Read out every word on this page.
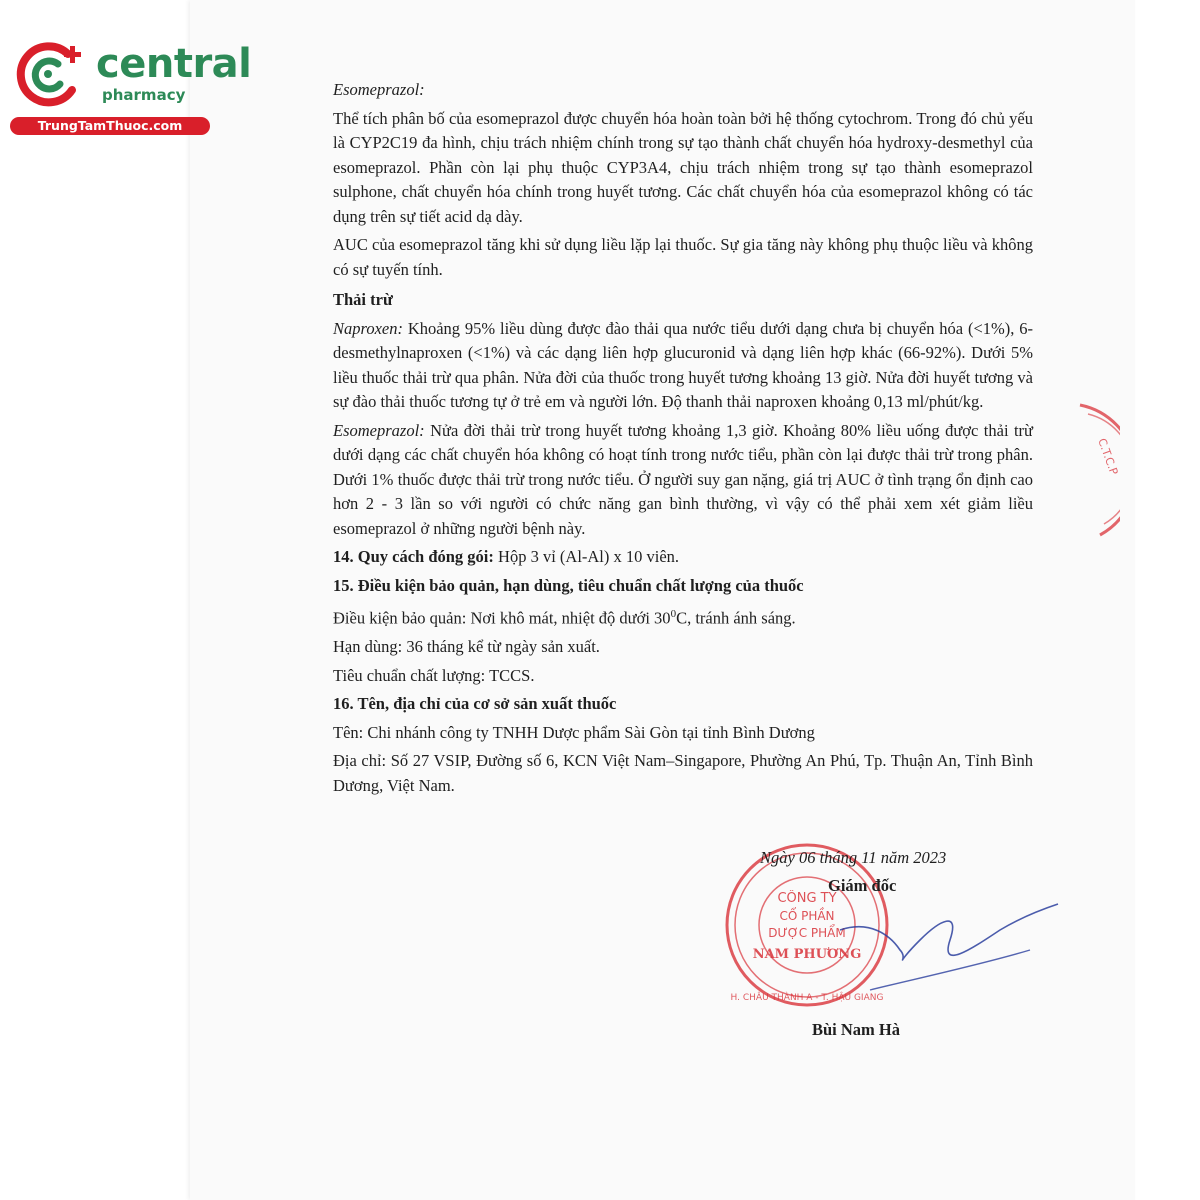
central
pharmacy
TrungTamThuoc.com

Esomeprazol:

Thể tích phân bố của esomeprazol được chuyển hóa hoàn toàn bởi hệ thống cytochrom. Trong đó chủ yếu là CYP2C19 đa hình, chịu trách nhiệm chính trong sự tạo thành chất chuyển hóa hydroxy-desmethyl của esomeprazol. Phần còn lại phụ thuộc CYP3A4, chịu trách nhiệm trong sự tạo thành esomeprazol sulphone, chất chuyển hóa chính trong huyết tương. Các chất chuyển hóa của esomeprazol không có tác dụng trên sự tiết acid dạ dày.

AUC của esomeprazol tăng khi sử dụng liều lặp lại thuốc. Sự gia tăng này không phụ thuộc liều và không có sự tuyến tính.

Thải trừ

Naproxen: Khoảng 95% liều dùng được đào thải qua nước tiểu dưới dạng chưa bị chuyển hóa (<1%), 6-desmethylnaproxen (<1%) và các dạng liên hợp glucuronid và dạng liên hợp khác (66-92%). Dưới 5% liều thuốc thải trừ qua phân. Nửa đời của thuốc trong huyết tương khoảng 13 giờ. Nửa đời huyết tương và sự đào thải thuốc tương tự ở trẻ em và người lớn. Độ thanh thải naproxen khoảng 0,13 ml/phút/kg.

Esomeprazol: Nửa đời thải trừ trong huyết tương khoảng 1,3 giờ. Khoảng 80% liều uống được thải trừ dưới dạng các chất chuyển hóa không có hoạt tính trong nước tiểu, phần còn lại được thải trừ trong phân. Dưới 1% thuốc được thải trừ trong nước tiểu. Ở người suy gan nặng, giá trị AUC ở tình trạng ổn định cao hơn 2 - 3 lần so với người có chức năng gan bình thường, vì vậy có thể phải xem xét giảm liều esomeprazol ở những người bệnh này.

14. Quy cách đóng gói: Hộp 3 vỉ (Al-Al) x 10 viên.

15. Điều kiện bảo quản, hạn dùng, tiêu chuẩn chất lượng của thuốc

Điều kiện bảo quản: Nơi khô mát, nhiệt độ dưới $30^0C$, tránh ánh sáng.

Hạn dùng: 36 tháng kể từ ngày sản xuất.

Tiêu chuẩn chất lượng: TCCS.

16. Tên, địa chỉ của cơ sở sản xuất thuốc

Tên: Chi nhánh công ty TNHH Dược phẩm Sài Gòn tại tỉnh Bình Dương

Địa chỉ: Số 27 VSIP, Đường số 6, KCN Việt Nam–Singapore, Phường An Phú, Tp. Thuận An, Tỉnh Bình Dương, Việt Nam.

C.T.C.P
CÔNG TY
CỔ PHẦN
DƯỢC PHẨM
NAM PHƯƠNG
H. CHÂU THÀNH A - T. HẬU GIANG
Ngày 06 tháng 11 năm 2023
Giám đốc
Bùi Nam Hà
